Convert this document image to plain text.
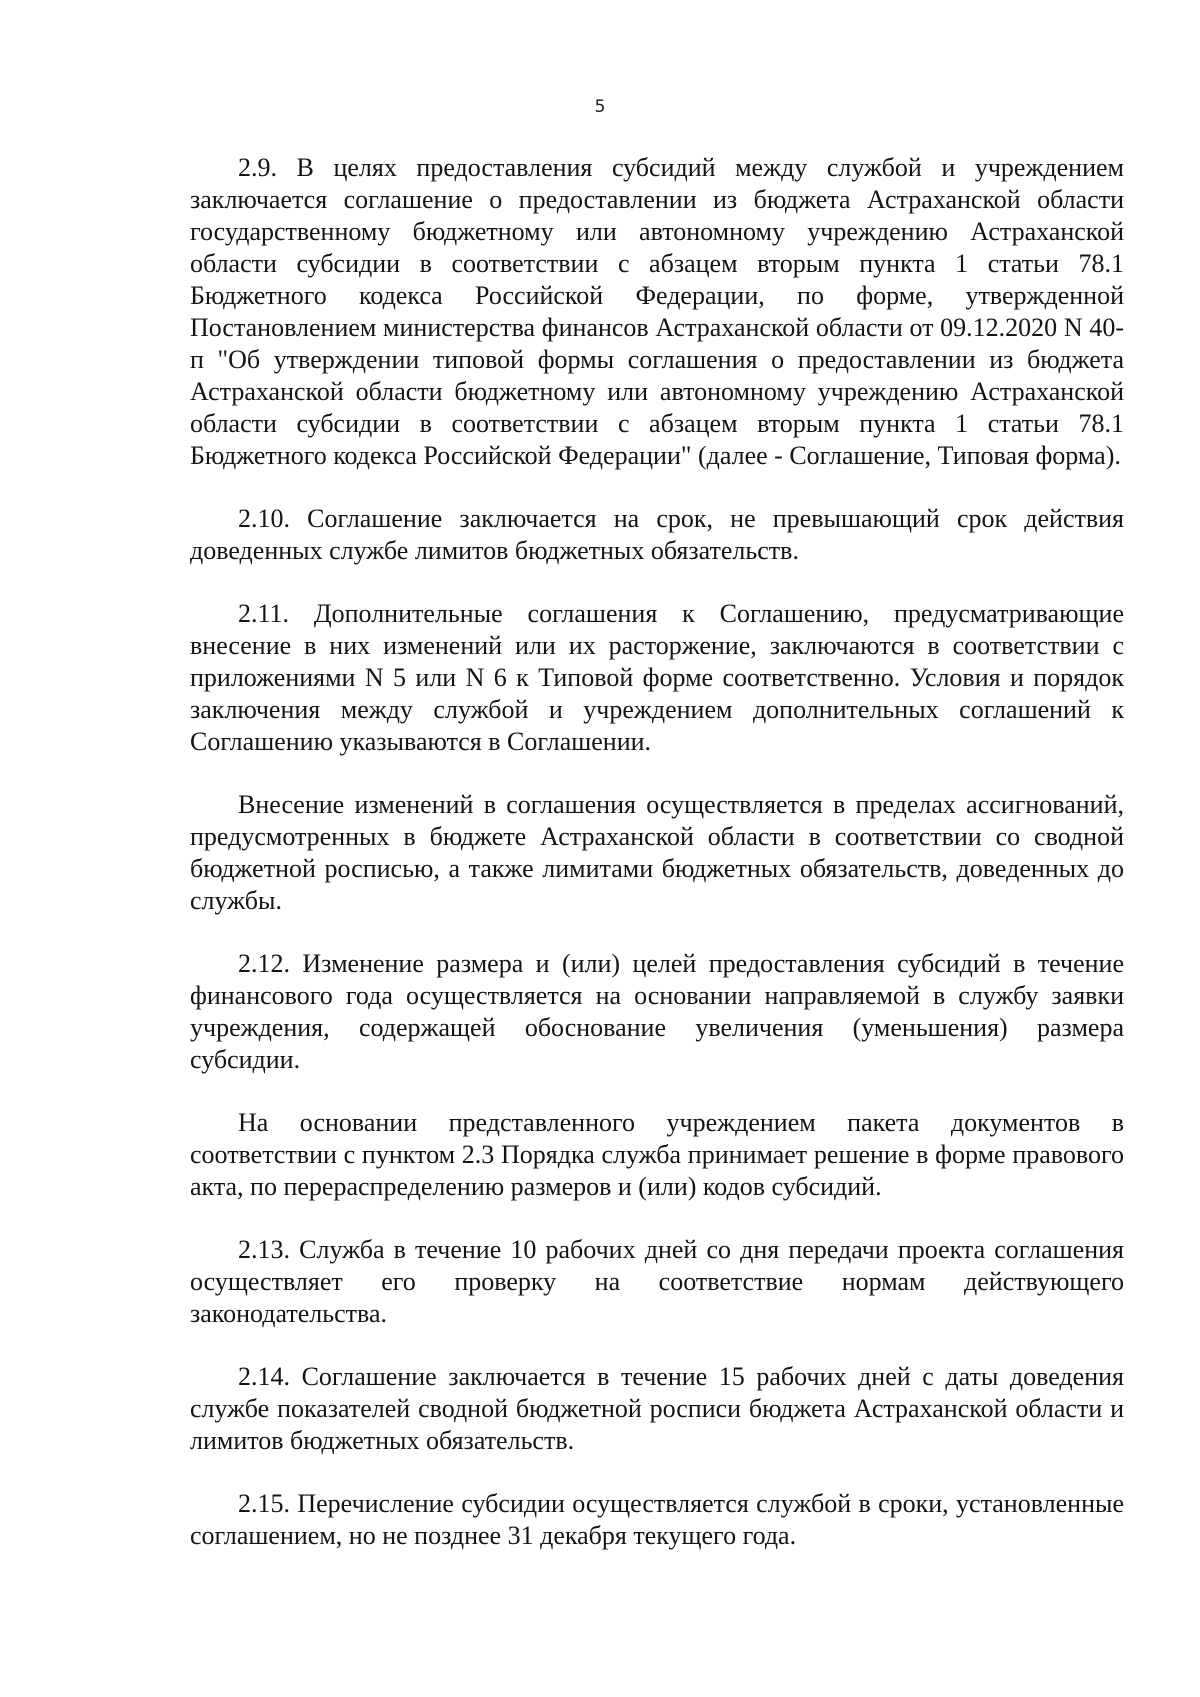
5

2.9. В целях предоставления субсидий между службой и учреждением заключается соглашение о предоставлении из бюджета Астраханской области государственному бюджетному или автономному учреждению Астраханской области субсидии в соответствии с абзацем вторым пункта 1 статьи 78.1 Бюджетного кодекса Российской Федерации, по форме, утвержденной Постановлением министерства финансов Астраханской области от 09.12.2020 N 40-п "Об утверждении типовой формы соглашения о предоставлении из бюджета Астраханской области бюджетному или автономному учреждению Астраханской области субсидии в соответствии с абзацем вторым пункта 1 статьи 78.1 Бюджетного кодекса Российской Федерации" (далее - Соглашение, Типовая форма).

2.10. Соглашение заключается на срок, не превышающий срок действия доведенных службе лимитов бюджетных обязательств.

2.11. Дополнительные соглашения к Соглашению, предусматривающие внесение в них изменений или их расторжение, заключаются в соответствии с приложениями N 5 или N 6 к Типовой форме соответственно. Условия и порядок заключения между службой и учреждением дополнительных соглашений к Соглашению указываются в Соглашении.

Внесение изменений в соглашения осуществляется в пределах ассигнований, предусмотренных в бюджете Астраханской области в соответствии со сводной бюджетной росписью, а также лимитами бюджетных обязательств, доведенных до службы.

2.12. Изменение размера и (или) целей предоставления субсидий в течение финансового года осуществляется на основании направляемой в службу заявки учреждения, содержащей обоснование увеличения (уменьшения) размера субсидии.

На основании представленного учреждением пакета документов в соответствии с пунктом 2.3 Порядка служба принимает решение в форме правового акта, по перераспределению размеров и (или) кодов субсидий.

2.13. Служба в течение 10 рабочих дней со дня передачи проекта соглашения осуществляет его проверку на соответствие нормам действующего законодательства.

2.14. Соглашение заключается в течение 15 рабочих дней с даты доведения службе показателей сводной бюджетной росписи бюджета Астраханской области и лимитов бюджетных обязательств.

2.15. Перечисление субсидии осуществляется службой в сроки, установленные соглашением, но не позднее 31 декабря текущего года.
